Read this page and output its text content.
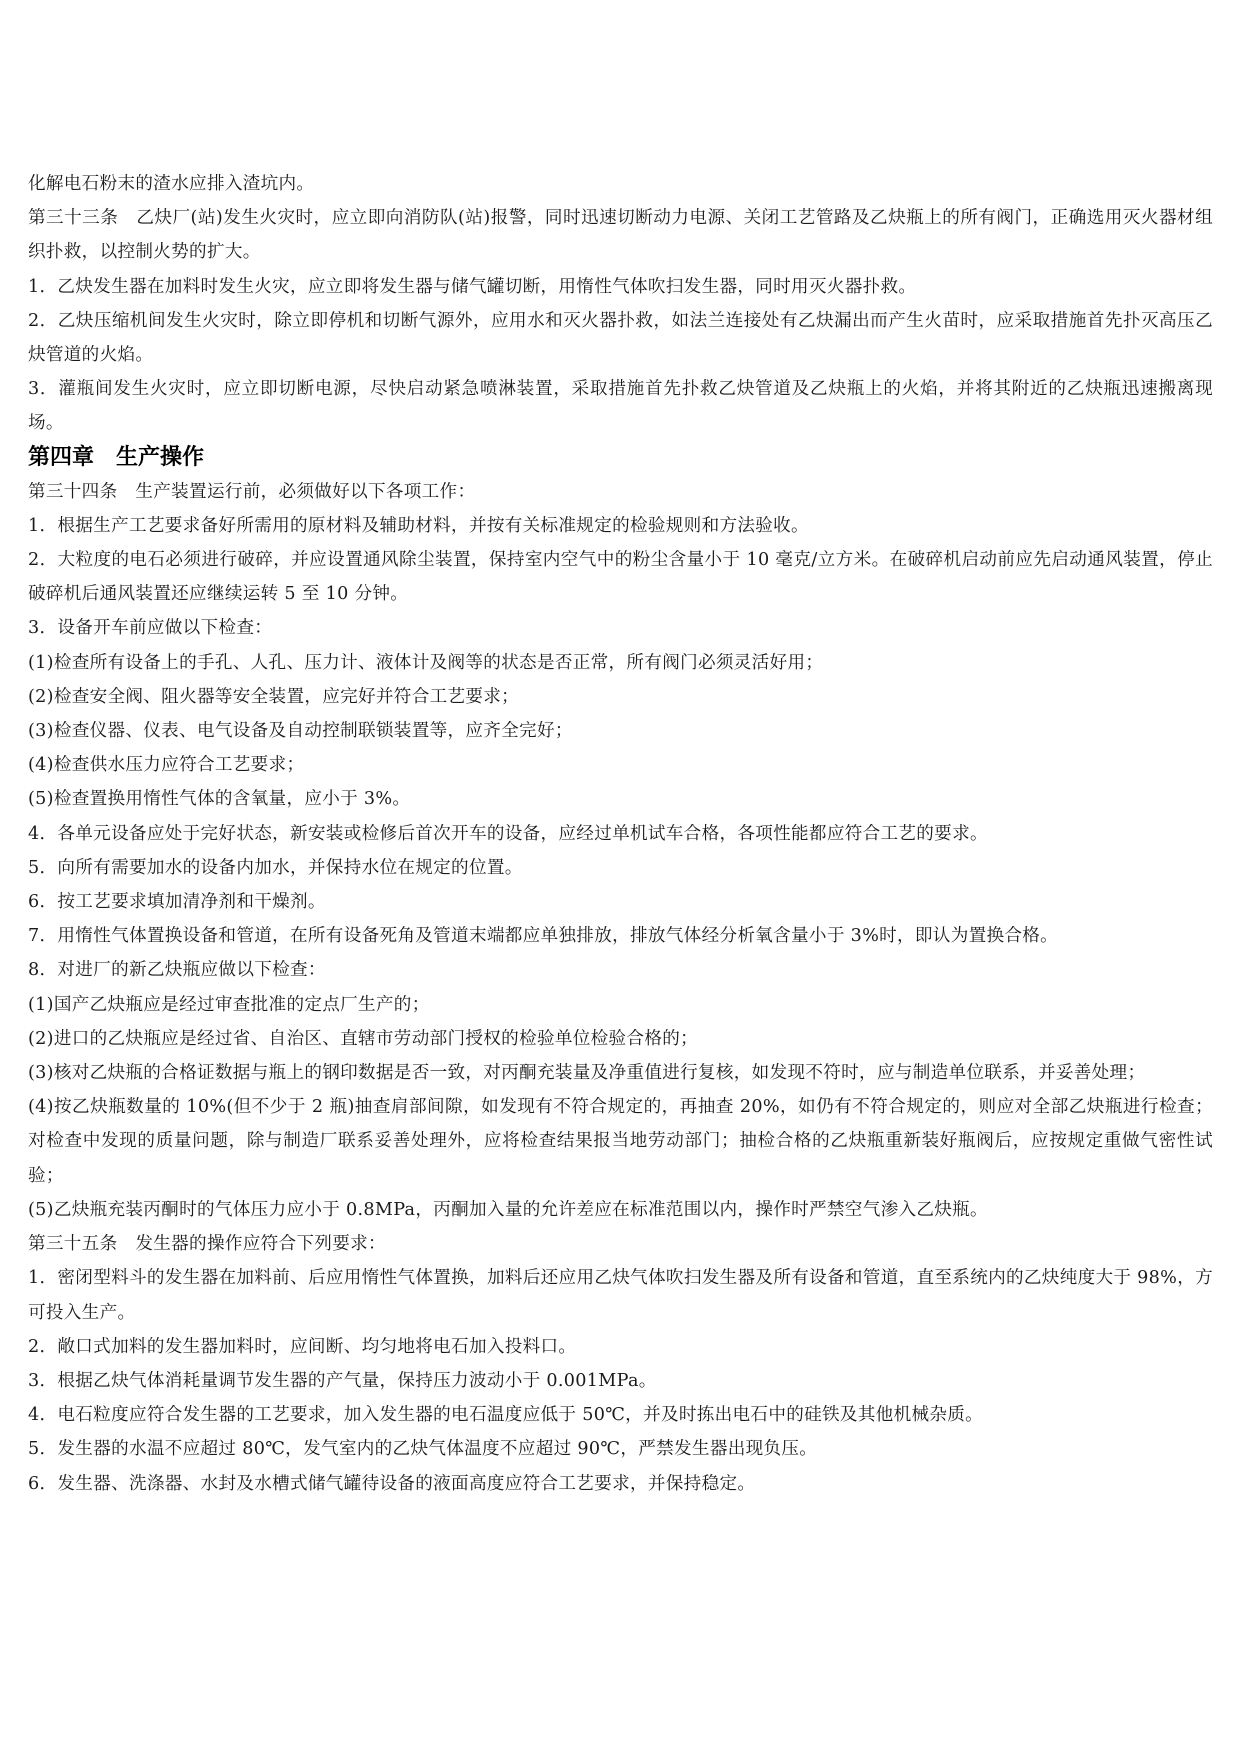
化解电石粉末的渣水应排入渣坑内。

第三十三条　乙炔厂(站)发生火灾时，应立即向消防队(站)报警，同时迅速切断动力电源、关闭工艺管路及乙炔瓶上的所有阀门，正确选用灭火器材组织扑救，以控制火势的扩大。

1．乙炔发生器在加料时发生火灾，应立即将发生器与储气罐切断，用惰性气体吹扫发生器，同时用灭火器扑救。

2．乙炔压缩机间发生火灾时，除立即停机和切断气源外，应用水和灭火器扑救，如法兰连接处有乙炔漏出而产生火苗时，应采取措施首先扑灭高压乙炔管道的火焰。

3．灌瓶间发生火灾时，应立即切断电源，尽快启动紧急喷淋装置，采取措施首先扑救乙炔管道及乙炔瓶上的火焰，并将其附近的乙炔瓶迅速搬离现场。

第四章　生产操作

第三十四条　生产装置运行前，必须做好以下各项工作：

1．根据生产工艺要求备好所需用的原材料及辅助材料，并按有关标准规定的检验规则和方法验收。

2．大粒度的电石必须进行破碎，并应设置通风除尘装置，保持室内空气中的粉尘含量小于 10 毫克/立方米。在破碎机启动前应先启动通风装置，停止破碎机后通风装置还应继续运转 5 至 10 分钟。

3．设备开车前应做以下检查：

(1)检查所有设备上的手孔、人孔、压力计、液体计及阀等的状态是否正常，所有阀门必须灵活好用；

(2)检查安全阀、阻火器等安全装置，应完好并符合工艺要求；

(3)检查仪器、仪表、电气设备及自动控制联锁装置等，应齐全完好；

(4)检查供水压力应符合工艺要求；

(5)检查置换用惰性气体的含氧量，应小于 3%。

4．各单元设备应处于完好状态，新安装或检修后首次开车的设备，应经过单机试车合格，各项性能都应符合工艺的要求。

5．向所有需要加水的设备内加水，并保持水位在规定的位置。

6．按工艺要求填加清净剂和干燥剂。

7．用惰性气体置换设备和管道，在所有设备死角及管道末端都应单独排放，排放气体经分析氧含量小于 3%时，即认为置换合格。

8．对进厂的新乙炔瓶应做以下检查：

(1)国产乙炔瓶应是经过审查批准的定点厂生产的；

(2)进口的乙炔瓶应是经过省、自治区、直辖市劳动部门授权的检验单位检验合格的；

(3)核对乙炔瓶的合格证数据与瓶上的钢印数据是否一致，对丙酮充装量及净重值进行复核，如发现不符时，应与制造单位联系，并妥善处理；

(4)按乙炔瓶数量的 10%(但不少于 2 瓶)抽查肩部间隙，如发现有不符合规定的，再抽查 20%，如仍有不符合规定的，则应对全部乙炔瓶进行检查；对检查中发现的质量问题，除与制造厂联系妥善处理外，应将检查结果报当地劳动部门；抽检合格的乙炔瓶重新装好瓶阀后，应按规定重做气密性试验；

(5)乙炔瓶充装丙酮时的气体压力应小于 0.8MPa，丙酮加入量的允许差应在标准范围以内，操作时严禁空气渗入乙炔瓶。

第三十五条　发生器的操作应符合下列要求：

1．密闭型料斗的发生器在加料前、后应用惰性气体置换，加料后还应用乙炔气体吹扫发生器及所有设备和管道，直至系统内的乙炔纯度大于 98%，方可投入生产。

2．敞口式加料的发生器加料时，应间断、均匀地将电石加入投料口。

3．根据乙炔气体消耗量调节发生器的产气量，保持压力波动小于 0.001MPa。

4．电石粒度应符合发生器的工艺要求，加入发生器的电石温度应低于 50℃，并及时拣出电石中的硅铁及其他机械杂质。

5．发生器的水温不应超过 80℃，发气室内的乙炔气体温度不应超过 90℃，严禁发生器出现负压。

6．发生器、洗涤器、水封及水槽式储气罐待设备的液面高度应符合工艺要求，并保持稳定。
